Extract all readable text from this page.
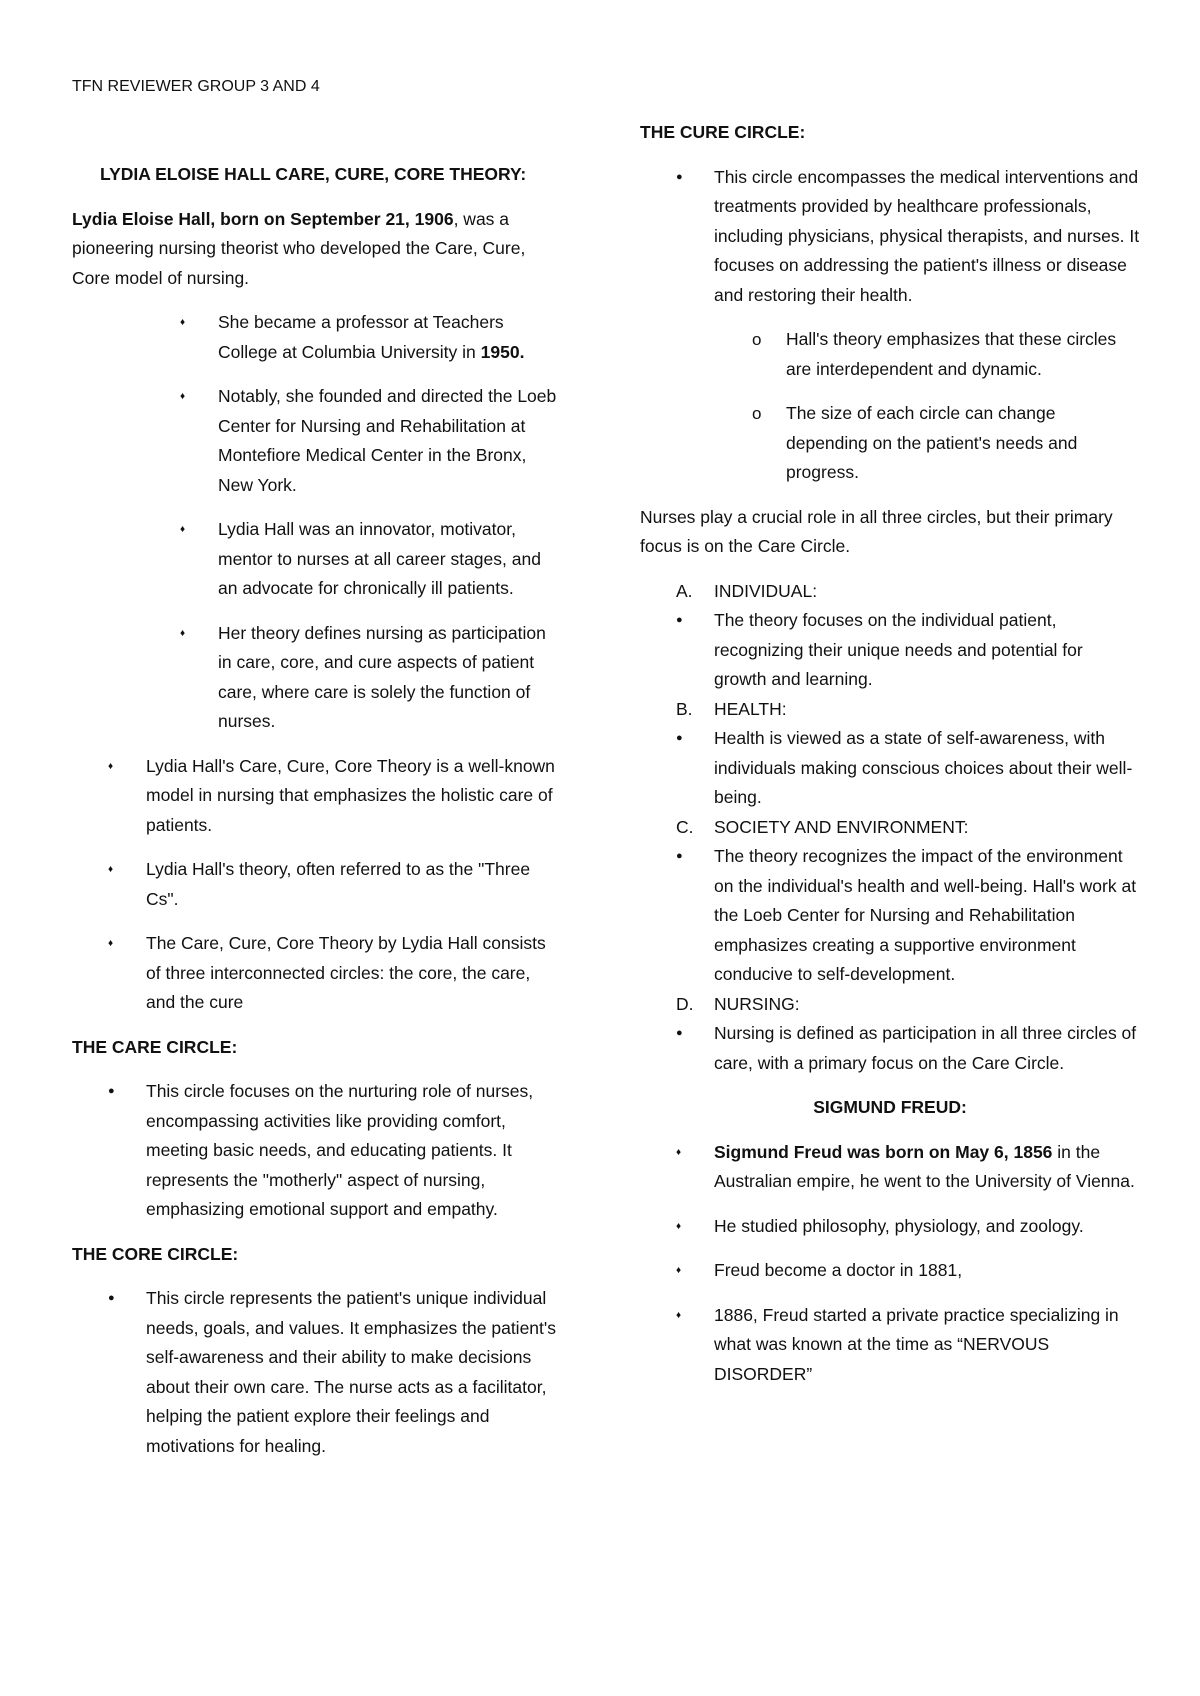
TFN REVIEWER GROUP 3 AND 4
LYDIA ELOISE HALL CARE, CURE, CORE THEORY:

Lydia Eloise Hall, born on September 21, 1906, was a pioneering nursing theorist who developed the Care, Cure, Core model of nursing.

♦ She became a professor at Teachers College at Columbia University in 1950.
♦ Notably, she founded and directed the Loeb Center for Nursing and Rehabilitation at Montefiore Medical Center in the Bronx, New York.
♦ Lydia Hall was an innovator, motivator, mentor to nurses at all career stages, and an advocate for chronically ill patients.
♦ Her theory defines nursing as participation in care, core, and cure aspects of patient care, where care is solely the function of nurses.
♦ Lydia Hall's Care, Cure, Core Theory is a well-known model in nursing that emphasizes the holistic care of patients.
♦ Lydia Hall's theory, often referred to as the "Three Cs".
♦ The Care, Cure, Core Theory by Lydia Hall consists of three interconnected circles: the core, the care, and the cure
THE CARE CIRCLE:
● This circle focuses on the nurturing role of nurses, encompassing activities like providing comfort, meeting basic needs, and educating patients. It represents the "motherly" aspect of nursing, emphasizing emotional support and empathy.
THE CORE CIRCLE:
● This circle represents the patient's unique individual needs, goals, and values. It emphasizes the patient's self-awareness and their ability to make decisions about their own care. The nurse acts as a facilitator, helping the patient explore their feelings and motivations for healing.
THE CURE CIRCLE:
● This circle encompasses the medical interventions and treatments provided by healthcare professionals, including physicians, physical therapists, and nurses. It focuses on addressing the patient's illness or disease and restoring their health.
o Hall's theory emphasizes that these circles are interdependent and dynamic.
o The size of each circle can change depending on the patient's needs and progress.

Nurses play a crucial role in all three circles, but their primary focus is on the Care Circle.

A. INDIVIDUAL:
● The theory focuses on the individual patient, recognizing their unique needs and potential for growth and learning.
B. HEALTH:
● Health is viewed as a state of self-awareness, with individuals making conscious choices about their well-being.
C. SOCIETY AND ENVIRONMENT:
● The theory recognizes the impact of the environment on the individual's health and well-being. Hall's work at the Loeb Center for Nursing and Rehabilitation emphasizes creating a supportive environment conducive to self-development.
D. NURSING:
● Nursing is defined as participation in all three circles of care, with a primary focus on the Care Circle.
SIGMUND FREUD:
♦ Sigmund Freud was born on May 6, 1856 in the Australian empire, he went to the University of Vienna.
♦ He studied philosophy, physiology, and zoology.
♦ Freud become a doctor in 1881,
♦ 1886, Freud started a private practice specializing in what was known at the time as “NERVOUS DISORDER”
